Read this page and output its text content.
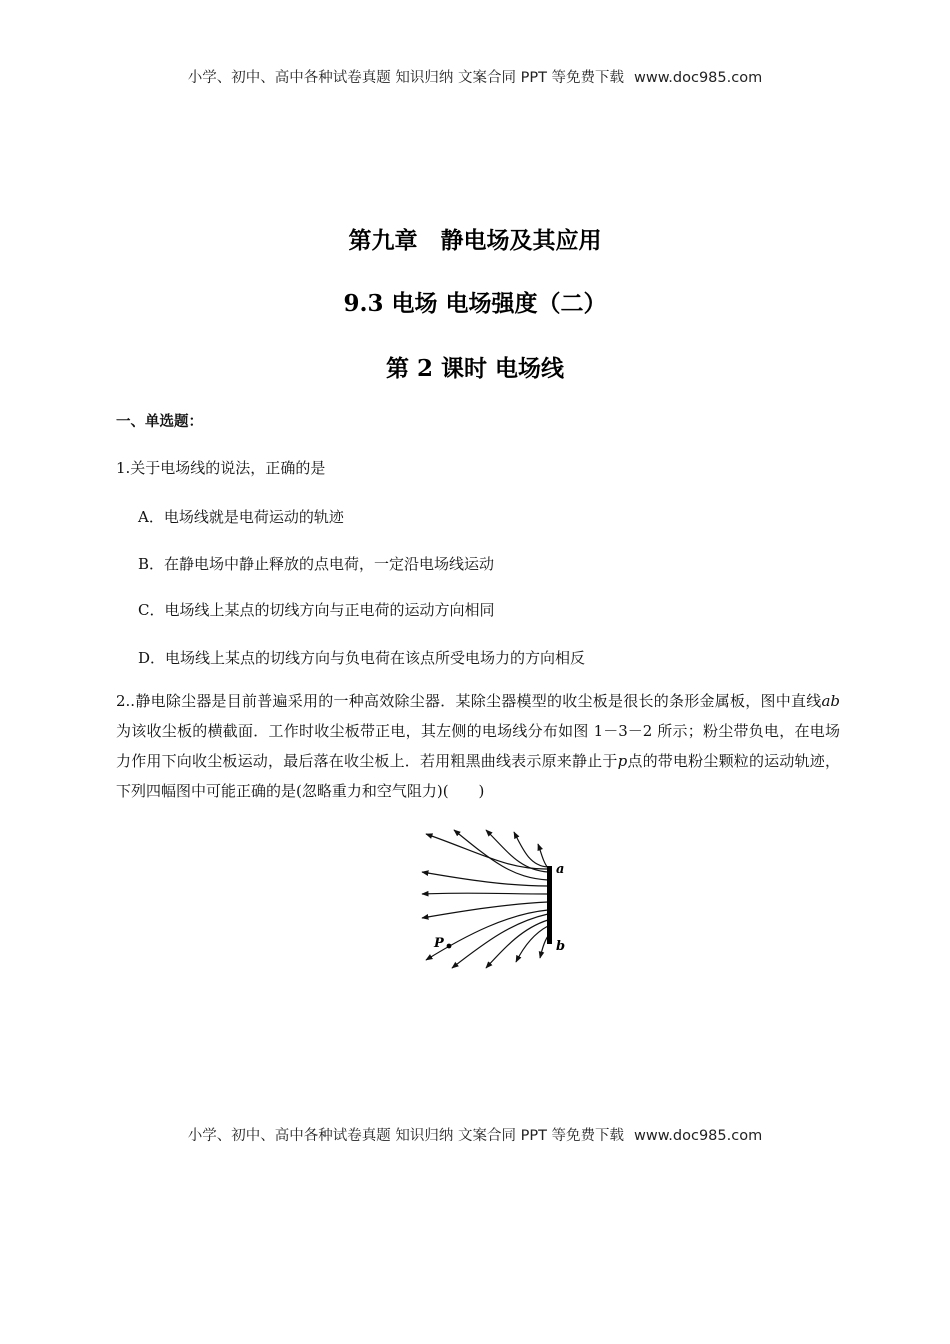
小学、初中、高中各种试卷真题 知识归纳 文案合同 PPT 等免费下载 www.doc985.com
第九章　静电场及其应用
9.3 电场 电场强度（二）
第 2 课时 电场线
一、单选题：
1.关于电场线的说法，正确的是
A．电场线就是电荷运动的轨迹
B．在静电场中静止释放的点电荷，一定沿电场线运动
C．电场线上某点的切线方向与正电荷的运动方向相同
D．电场线上某点的切线方向与负电荷在该点所受电场力的方向相反
2..静电除尘器是目前普遍采用的一种高效除尘器．某除尘器模型的收尘板是很长的条形金属板，图中直线ab为该收尘板的横截面．工作时收尘板带正电，其左侧的电场线分布如图 1－3－2 所示；粉尘带负电，在电场力作用下向收尘板运动，最后落在收尘板上．若用粗黑曲线表示原来静止于p点的带电粉尘颗粒的运动轨迹，下列四幅图中可能正确的是(忽略重力和空气阻力)(　　)
a
b
P
小学、初中、高中各种试卷真题 知识归纳 文案合同 PPT 等免费下载 www.doc985.com
